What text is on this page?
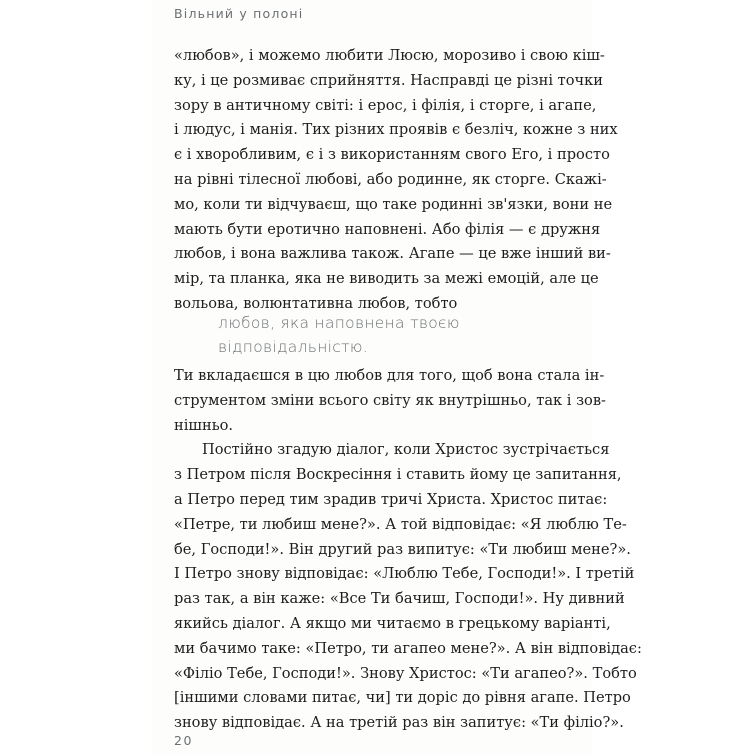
Вільний у полоні
«любов», і можемо любити Люсю, морозиво і свою кіш-
ку, і це розмиває сприйняття. Насправді це різні точки
зору в античному світі: і ерос, і філія, і сторге, і агапе,
і людус, і манія. Тих різних проявів є безліч, кожне з них
є і хворобливим, є і з використанням свого Его, і просто
на рівні тілесної любові, або родинне, як сторге. Скажі-
мо, коли ти відчуваєш, що таке родинні зв'язки, вони не
мають бути еротично наповнені. Або філія — є дружня
любов, і вона важлива також. Агапе — це вже інший ви-
мір, та планка, яка не виводить за межі емоцій, але це
вольова, волюнтативна любов, тобто
любов, яка наповнена твоєю
відповідальністю.
Ти вкладаєшся в цю любов для того, щоб вона стала ін-
струментом зміни всього світу як внутрішньо, так і зов-
нішньо.
Постійно згадую діалог, коли Христос зустрічається
з Петром після Воскресіння і ставить йому це запитання,
а Петро перед тим зрадив тричі Христа. Христос питає:
«Петре, ти любиш мене?». А той відповідає: «Я люблю Те-
бе, Господи!». Він другий раз випитує: «Ти любиш мене?».
І Петро знову відповідає: «Люблю Тебе, Господи!». І третій
раз так, а він каже: «Все Ти бачиш, Господи!». Ну дивний
якийсь діалог. А якщо ми читаємо в грецькому варіанті,
ми бачимо таке: «Петро, ти агапео мене?». А він відповідає:
«Філіо Тебе, Господи!». Знову Христос: «Ти агапео?». Тобто
[іншими словами питає, чи] ти доріс до рівня агапе. Петро
знову відповідає. А на третій раз він запитує: «Ти філіо?».
20
